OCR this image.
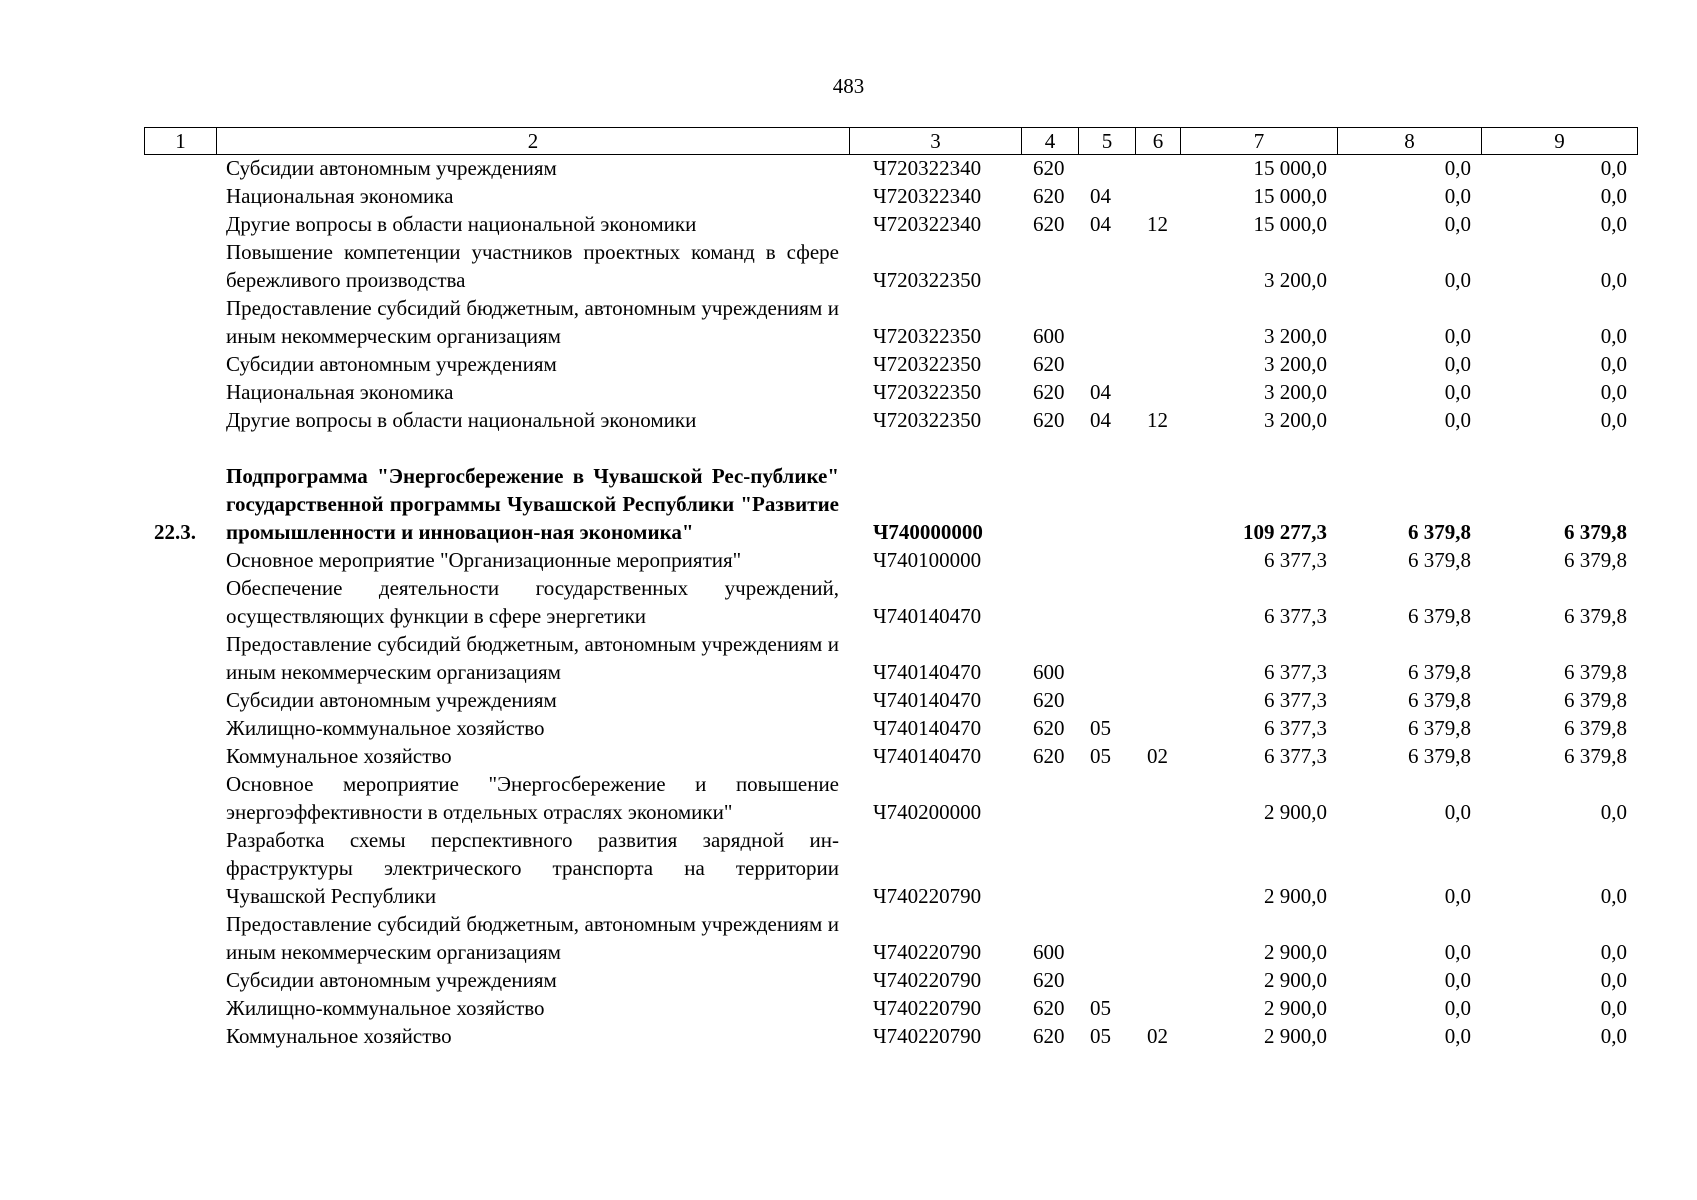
483
1	2	3	4	5	6	7	8	9
	Субсидии автономным учреждениям	Ч720322340	620			15 000,0	0,0	0,0
	Национальная экономика	Ч720322340	620	04		15 000,0	0,0	0,0
	Другие вопросы в области национальной экономики	Ч720322340	620	04	12	15 000,0	0,0	0,0
	Повышение компетенции участников проектных команд в сфере бережливого производства	Ч720322350				3 200,0	0,0	0,0
	Предоставление субсидий бюджетным, автономным учреждениям и иным некоммерческим организациям	Ч720322350	600			3 200,0	0,0	0,0
	Субсидии автономным учреждениям	Ч720322350	620			3 200,0	0,0	0,0
	Национальная экономика	Ч720322350	620	04		3 200,0	0,0	0,0
	Другие вопросы в области национальной экономики	Ч720322350	620	04	12	3 200,0	0,0	0,0

22.3.	Подпрограмма "Энергосбережение в Чувашской Рес-публике" государственной программы Чувашской Республики "Развитие промышленности и инновацион-ная экономика"	Ч740000000				109 277,3	6 379,8	6 379,8
	Основное мероприятие "Организационные мероприятия"	Ч740100000				6 377,3	6 379,8	6 379,8
	Обеспечение деятельности государственных учреждений, осуществляющих функции в сфере энергетики	Ч740140470				6 377,3	6 379,8	6 379,8
	Предоставление субсидий бюджетным, автономным учреждениям и иным некоммерческим организациям	Ч740140470	600			6 377,3	6 379,8	6 379,8
	Субсидии автономным учреждениям	Ч740140470	620			6 377,3	6 379,8	6 379,8
	Жилищно-коммунальное хозяйство	Ч740140470	620	05		6 377,3	6 379,8	6 379,8
	Коммунальное хозяйство	Ч740140470	620	05	02	6 377,3	6 379,8	6 379,8
	Основное мероприятие "Энергосбережение и повышение энергоэффективности в отдельных отраслях экономики"	Ч740200000				2 900,0	0,0	0,0
	Разработка схемы перспективного развития зарядной ин-фраструктуры электрического транспорта на территории Чувашской Республики	Ч740220790				2 900,0	0,0	0,0
	Предоставление субсидий бюджетным, автономным учреждениям и иным некоммерческим организациям	Ч740220790	600			2 900,0	0,0	0,0
	Субсидии автономным учреждениям	Ч740220790	620			2 900,0	0,0	0,0
	Жилищно-коммунальное хозяйство	Ч740220790	620	05		2 900,0	0,0	0,0
	Коммунальное хозяйство	Ч740220790	620	05	02	2 900,0	0,0	0,0
